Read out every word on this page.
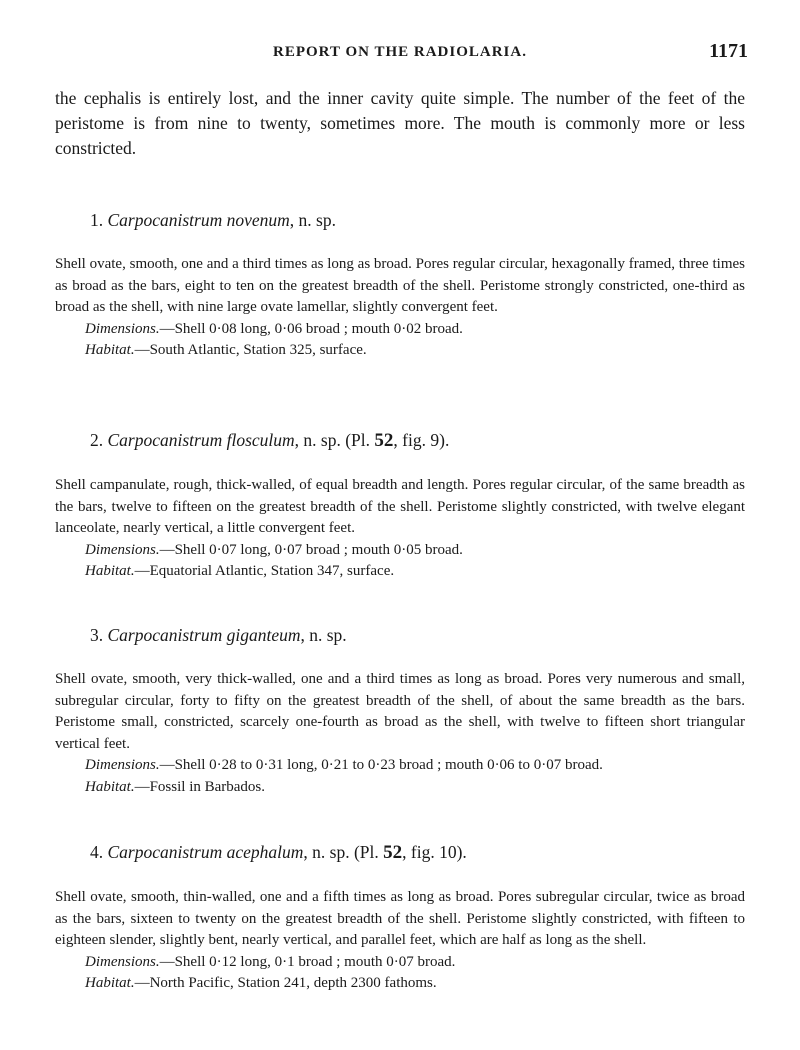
REPORT ON THE RADIOLARIA.	1171

the cephalis is entirely lost, and the inner cavity quite simple. The number of the feet of the peristome is from nine to twenty, sometimes more. The mouth is commonly more or less constricted.

1. Carpocanistrum novenum, n. sp.

Shell ovate, smooth, one and a third times as long as broad. Pores regular circular, hexagonally framed, three times as broad as the bars, eight to ten on the greatest breadth of the shell. Peristome strongly constricted, one-third as broad as the shell, with nine large ovate lamellar, slightly convergent feet.

Dimensions.—Shell 0·08 long, 0·06 broad ; mouth 0·02 broad.

Habitat.—South Atlantic, Station 325, surface.

2. Carpocanistrum flosculum, n. sp. (Pl. 52, fig. 9).

Shell campanulate, rough, thick-walled, of equal breadth and length. Pores regular circular, of the same breadth as the bars, twelve to fifteen on the greatest breadth of the shell. Peristome slightly constricted, with twelve elegant lanceolate, nearly vertical, a little convergent feet.

Dimensions.—Shell 0·07 long, 0·07 broad ; mouth 0·05 broad.

Habitat.—Equatorial Atlantic, Station 347, surface.

3. Carpocanistrum giganteum, n. sp.

Shell ovate, smooth, very thick-walled, one and a third times as long as broad. Pores very numerous and small, subregular circular, forty to fifty on the greatest breadth of the shell, of about the same breadth as the bars. Peristome small, constricted, scarcely one-fourth as broad as the shell, with twelve to fifteen short triangular vertical feet.

Dimensions.—Shell 0·28 to 0·31 long, 0·21 to 0·23 broad ; mouth 0·06 to 0·07 broad.

Habitat.—Fossil in Barbados.

4. Carpocanistrum acephalum, n. sp. (Pl. 52, fig. 10).

Shell ovate, smooth, thin-walled, one and a fifth times as long as broad. Pores subregular circular, twice as broad as the bars, sixteen to twenty on the greatest breadth of the shell. Peristome slightly constricted, with fifteen to eighteen slender, slightly bent, nearly vertical, and parallel feet, which are half as long as the shell.

Dimensions.—Shell 0·12 long, 0·1 broad ; mouth 0·07 broad.

Habitat.—North Pacific, Station 241, depth 2300 fathoms.
